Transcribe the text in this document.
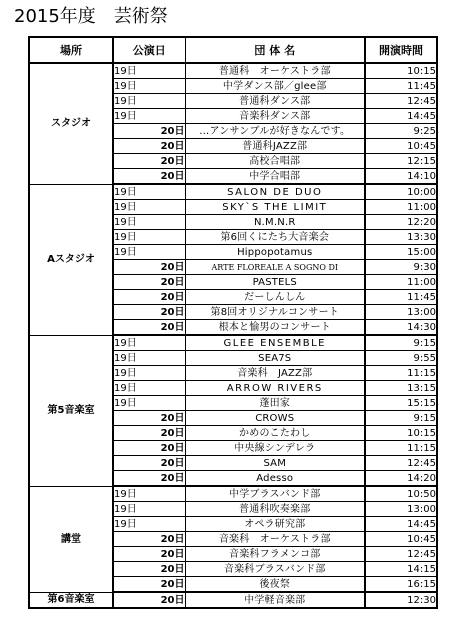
2015年度　芸術祭
場所	公演日	団 体 名	開演時間
スタジオ	19日	普通科　オーケストラ部	10:15
	19日	中学ダンス部／glee部	11:45
	19日	普通科ダンス部	12:45
	19日	音楽科ダンス部	14:45
	20日	…アンサンブルが好きなんです。	9:25
	20日	普通科JAZZ部	10:45
	20日	高校合唱部	12:15
	20日	中学合唱部	14:10
Aスタジオ	19日	SALON DE DUO	10:00
	19日	SKY`S THE LIMIT	11:00
	19日	N.M.N.R	12:20
	19日	第6回くにたち大音楽会	13:30
	19日	Hippopotamus	15:00
	20日	ARTE FLOREALE A SOGNO DI	9:30
	20日	PASTELS	11:00
	20日	だーしんしん	11:45
	20日	第8回オリジナルコンサート	13:00
	20日	根本と愉男のコンサート	14:30
第5音楽室	19日	GLEE ENSEMBLE	9:15
	19日	SEA7S	9:55
	19日	音楽科　JAZZ部	11:15
	19日	ARROW RIVERS	13:15
	19日	蓬田家	15:15
	20日	CROWS	9:15
	20日	かめのこたわし	10:15
	20日	中央線シンデレラ	11:15
	20日	SAM	12:45
	20日	Adesso	14:20
講堂	19日	中学ブラスバンド部	10:50
	19日	普通科吹奏楽部	13:00
	19日	オペラ研究部	14:45
	20日	音楽科　オーケストラ部	10:45
	20日	音楽科フラメンコ部	12:45
	20日	音楽科ブラスバンド部	14:15
	20日	後夜祭	16:15
第6音楽室	20日	中学軽音楽部	12:30
